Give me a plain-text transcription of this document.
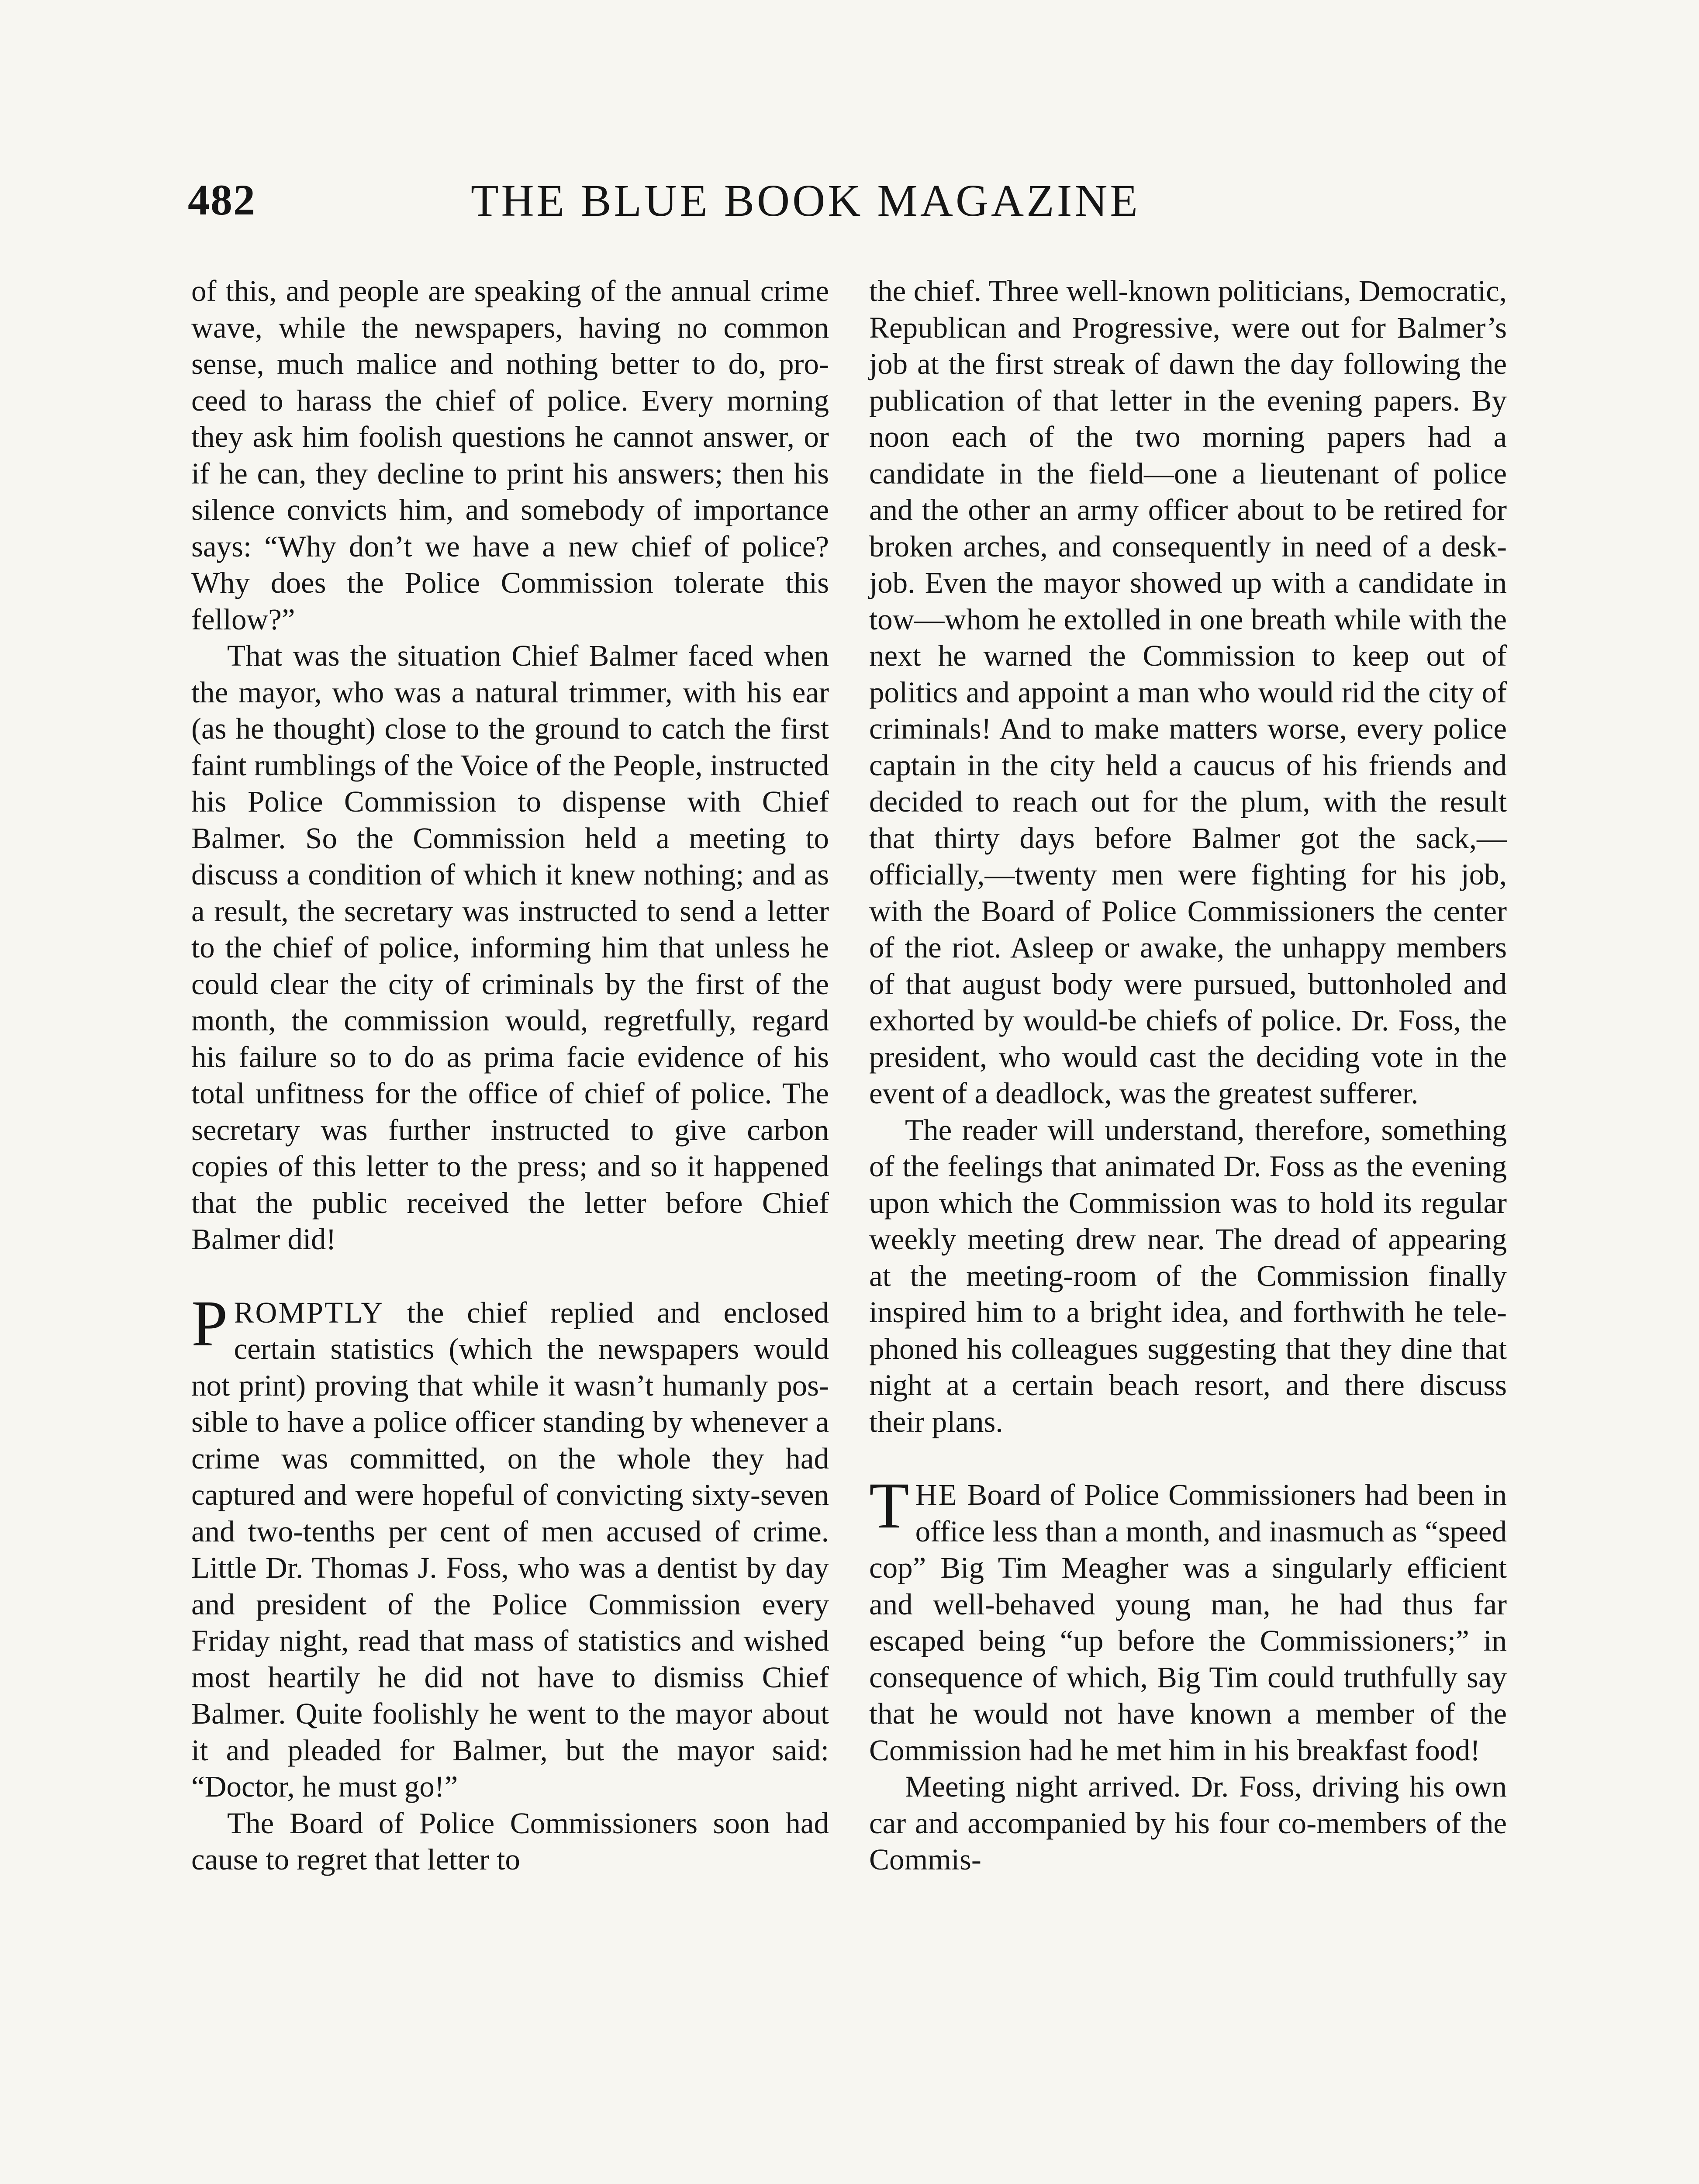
482	THE BLUE BOOK MAGAZINE

of this, and people are speaking of the annual crime wave, while the newspapers, having no common sense, much malice and nothing better to do, proceed to harass the chief of police. Every morning they ask him foolish questions he cannot answer, or if he can, they decline to print his answers; then his silence convicts him, and somebody of importance says: “Why don’t we have a new chief of police? Why does the Police Commission tolerate this fellow?”

That was the situation Chief Balmer faced when the mayor, who was a natural trimmer, with his ear (as he thought) close to the ground to catch the first faint rumblings of the Voice of the People, instructed his Police Commission to dispense with Chief Balmer. So the Commission held a meeting to discuss a condition of which it knew nothing; and as a result, the secretary was instructed to send a letter to the chief of police, informing him that unless he could clear the city of criminals by the first of the month, the commission would, regretfully, regard his failure so to do as prima facie evidence of his total unfitness for the office of chief of police. The secretary was further instructed to give carbon copies of this letter to the press; and so it happened that the public received the letter before Chief Balmer did!

PROMPTLY the chief replied and enclosed certain statistics (which the newspapers would not print) proving that while it wasn’t humanly possible to have a police officer standing by whenever a crime was committed, on the whole they had captured and were hopeful of convicting sixty-seven and two-tenths per cent of men accused of crime. Little Dr. Thomas J. Foss, who was a dentist by day and president of the Police Commission every Friday night, read that mass of statistics and wished most heartily he did not have to dismiss Chief Balmer. Quite foolishly he went to the mayor about it and pleaded for Balmer, but the mayor said: “Doctor, he must go!”

The Board of Police Commissioners soon had cause to regret that letter to

the chief. Three well-known politicians, Democratic, Republican and Progressive, were out for Balmer’s job at the first streak of dawn the day following the publication of that letter in the evening papers. By noon each of the two morning papers had a candidate in the field—one a lieutenant of police and the other an army officer about to be retired for broken arches, and consequently in need of a desk-job. Even the mayor showed up with a candidate in tow—whom he extolled in one breath while with the next he warned the Commission to keep out of politics and appoint a man who would rid the city of criminals! And to make matters worse, every police captain in the city held a caucus of his friends and decided to reach out for the plum, with the result that thirty days before Balmer got the sack,—officially,—twenty men were fighting for his job, with the Board of Police Commissioners the center of the riot. Asleep or awake, the unhappy members of that august body were pursued, buttonholed and exhorted by would-be chiefs of police. Dr. Foss, the president, who would cast the deciding vote in the event of a deadlock, was the greatest sufferer.

The reader will understand, therefore, something of the feelings that animated Dr. Foss as the evening upon which the Commission was to hold its regular weekly meeting drew near. The dread of appearing at the meeting-room of the Commission finally inspired him to a bright idea, and forthwith he telephoned his colleagues suggesting that they dine that night at a certain beach resort, and there discuss their plans.

THE Board of Police Commissioners had been in office less than a month, and inasmuch as “speed cop” Big Tim Meagher was a singularly efficient and well-behaved young man, he had thus far escaped being “up before the Commissioners;” in consequence of which, Big Tim could truthfully say that he would not have known a member of the Commission had he met him in his breakfast food!

Meeting night arrived. Dr. Foss, driving his own car and accompanied by his four co-members of the Commis-
